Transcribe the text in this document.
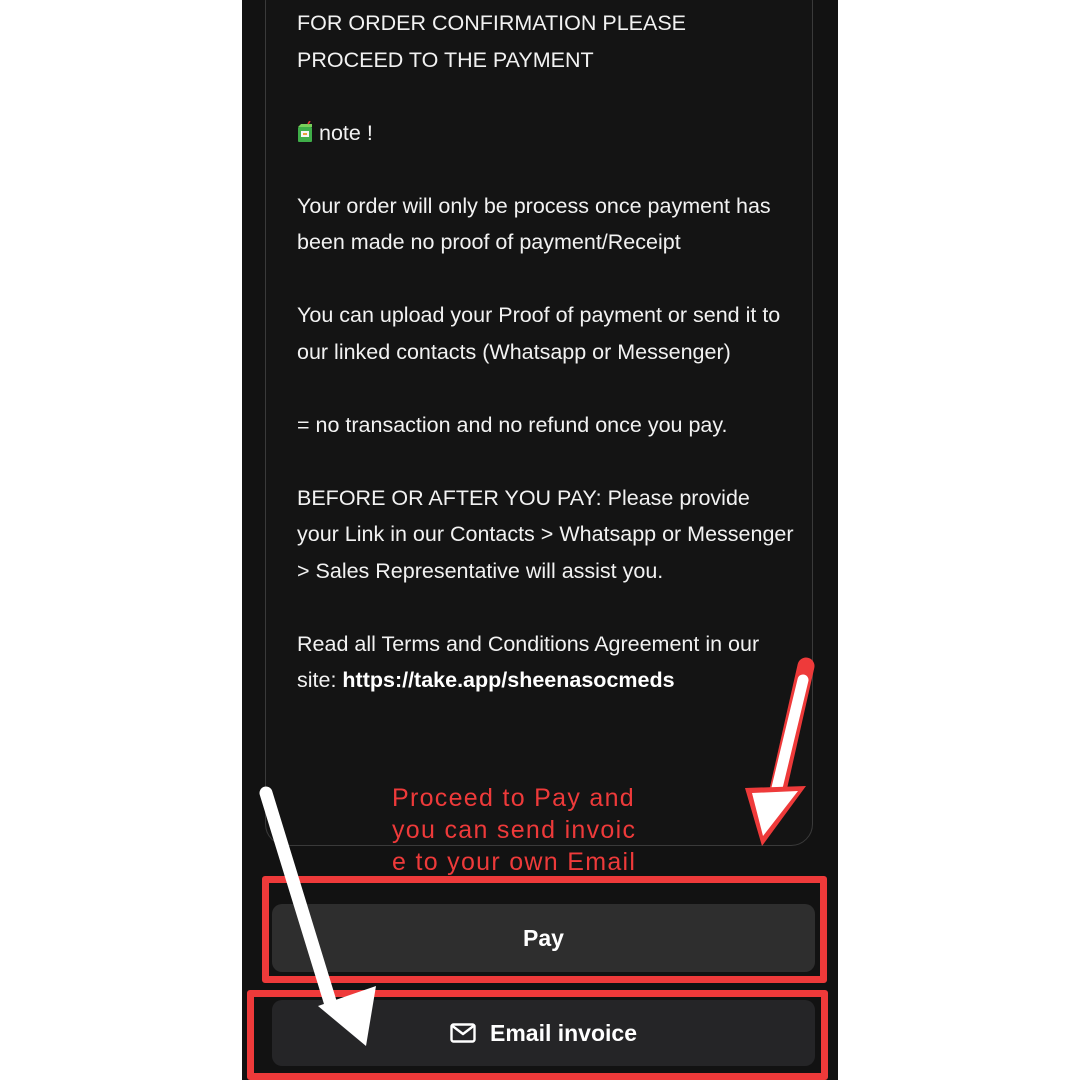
FOR ORDER CONFIRMATION PLEASE PROCEED TO THE PAYMENT

note !

Your order will only be process once payment has been made no proof of payment/Receipt

You can upload your Proof of payment or send it to our linked contacts (Whatsapp or Messenger)

= no transaction and no refund once you pay.

BEFORE OR AFTER YOU PAY: Please provide your Link in our Contacts > Whatsapp or Messenger > Sales Representative will assist you.

Read all Terms and Conditions Agreement in our site: https://take.app/sheenasocmeds

Proceed to Pay and
you can send invoic
e to your own Email
Pay
Email invoice
